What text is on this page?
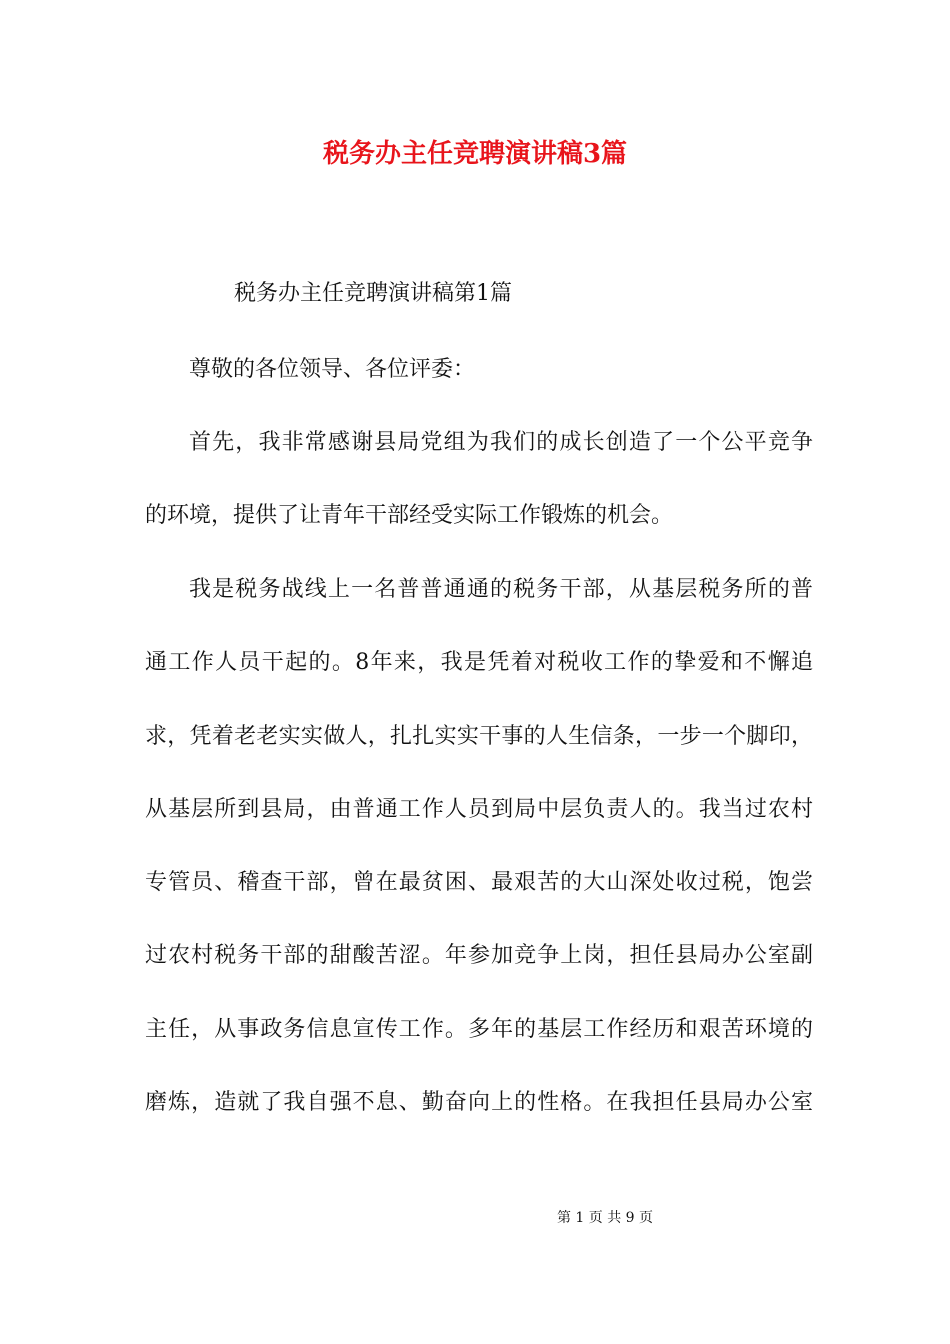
税务办主任竞聘演讲稿3篇

税务办主任竞聘演讲稿第1篇

尊敬的各位领导、各位评委：

首先，我非常感谢县局党组为我们的成长创造了一个公平竞争
的环境，提供了让青年干部经受实际工作锻炼的机会。

我是税务战线上一名普普通通的税务干部，从基层税务所的普
通工作人员干起的。8年来，我是凭着对税收工作的挚爱和不懈追
求，凭着老老实实做人，扎扎实实干事的人生信条，一步一个脚印，
从基层所到县局，由普通工作人员到局中层负责人的。我当过农村
专管员、稽查干部，曾在最贫困、最艰苦的大山深处收过税，饱尝
过农村税务干部的甜酸苦涩。年参加竞争上岗，担任县局办公室副
主任，从事政务信息宣传工作。多年的基层工作经历和艰苦环境的
磨炼，造就了我自强不息、勤奋向上的性格。在我担任县局办公室

第 1 页 共 9 页
